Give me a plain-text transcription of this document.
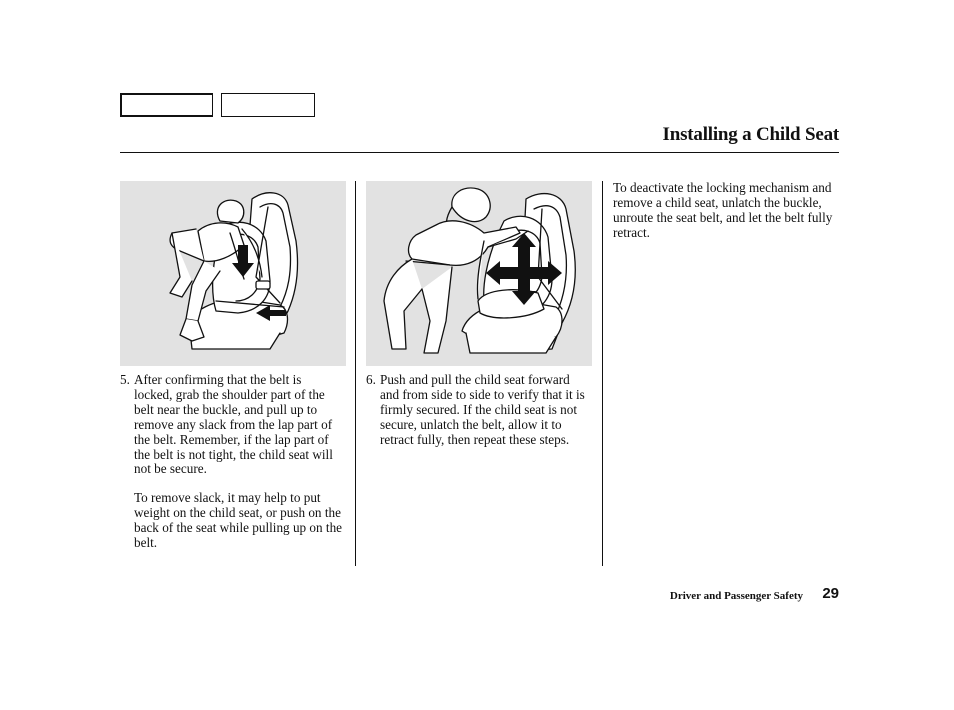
Installing a Child Seat
5. After confirming that the belt is locked, grab the shoulder part of the belt near the buckle, and pull up to remove any slack from the lap part of the belt. Remember, if the lap part of the belt is not tight, the child seat will not be secure.
To remove slack, it may help to put weight on the child seat, or push on the back of the seat while pulling up on the belt.
6. Push and pull the child seat forward and from side to side to verify that it is firmly secured. If the child seat is not secure, unlatch the belt, allow it to retract fully, then repeat these steps.
To deactivate the locking mechanism and remove a child seat, unlatch the buckle, unroute the seat belt, and let the belt fully retract.
Driver and Passenger Safety 29
